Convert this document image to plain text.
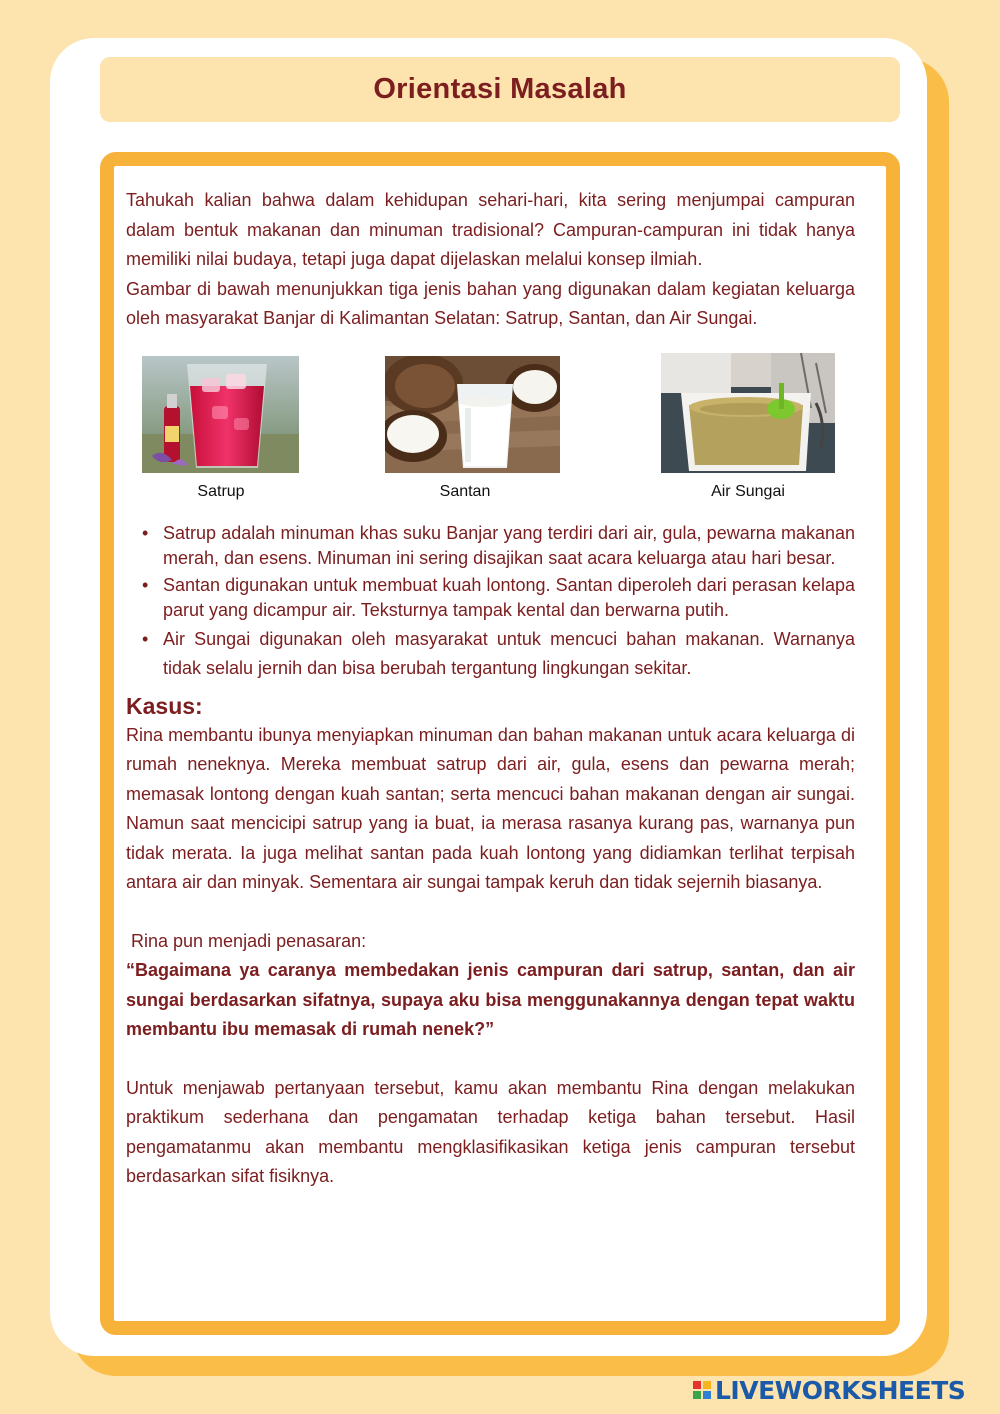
Orientasi Masalah

Tahukah kalian bahwa dalam kehidupan sehari-hari, kita sering menjumpai campuran dalam bentuk makanan dan minuman tradisional? Campuran-campuran ini tidak hanya memiliki nilai budaya, tetapi juga dapat dijelaskan melalui konsep ilmiah.

Gambar di bawah menunjukkan tiga jenis bahan yang digunakan dalam kegiatan keluarga oleh masyarakat Banjar di Kalimantan Selatan: Satrup, Santan, dan Air Sungai.

Satrup	Santan	Air Sungai
• Satrup adalah minuman khas suku Banjar yang terdiri dari air, gula, pewarna makanan merah, dan esens. Minuman ini sering disajikan saat acara keluarga atau hari besar.
• Santan digunakan untuk membuat kuah lontong. Santan diperoleh dari perasan kelapa parut yang dicampur air. Teksturnya tampak kental dan berwarna putih.
• Air Sungai digunakan oleh masyarakat untuk mencuci bahan makanan. Warnanya tidak selalu jernih dan bisa berubah tergantung lingkungan sekitar.
Kasus:

Rina membantu ibunya menyiapkan minuman dan bahan makanan untuk acara keluarga di rumah neneknya. Mereka membuat satrup dari air, gula, esens dan pewarna merah; memasak lontong dengan kuah santan; serta mencuci bahan makanan dengan air sungai. Namun saat mencicipi satrup yang ia buat, ia merasa rasanya kurang pas, warnanya pun tidak merata. Ia juga melihat santan pada kuah lontong yang didiamkan terlihat terpisah antara air dan minyak. Sementara air sungai tampak keruh dan tidak sejernih biasanya.

Rina pun menjadi penasaran:

“Bagaimana ya caranya membedakan jenis campuran dari satrup, santan, dan air sungai berdasarkan sifatnya, supaya aku bisa menggunakannya dengan tepat waktu membantu ibu memasak di rumah nenek?”

Untuk menjawab pertanyaan tersebut, kamu akan membantu Rina dengan melakukan praktikum sederhana dan pengamatan terhadap ketiga bahan tersebut. Hasil pengamatanmu akan membantu mengklasifikasikan ketiga jenis campuran tersebut berdasarkan sifat fisiknya.

LIVEWORKSHEETS
